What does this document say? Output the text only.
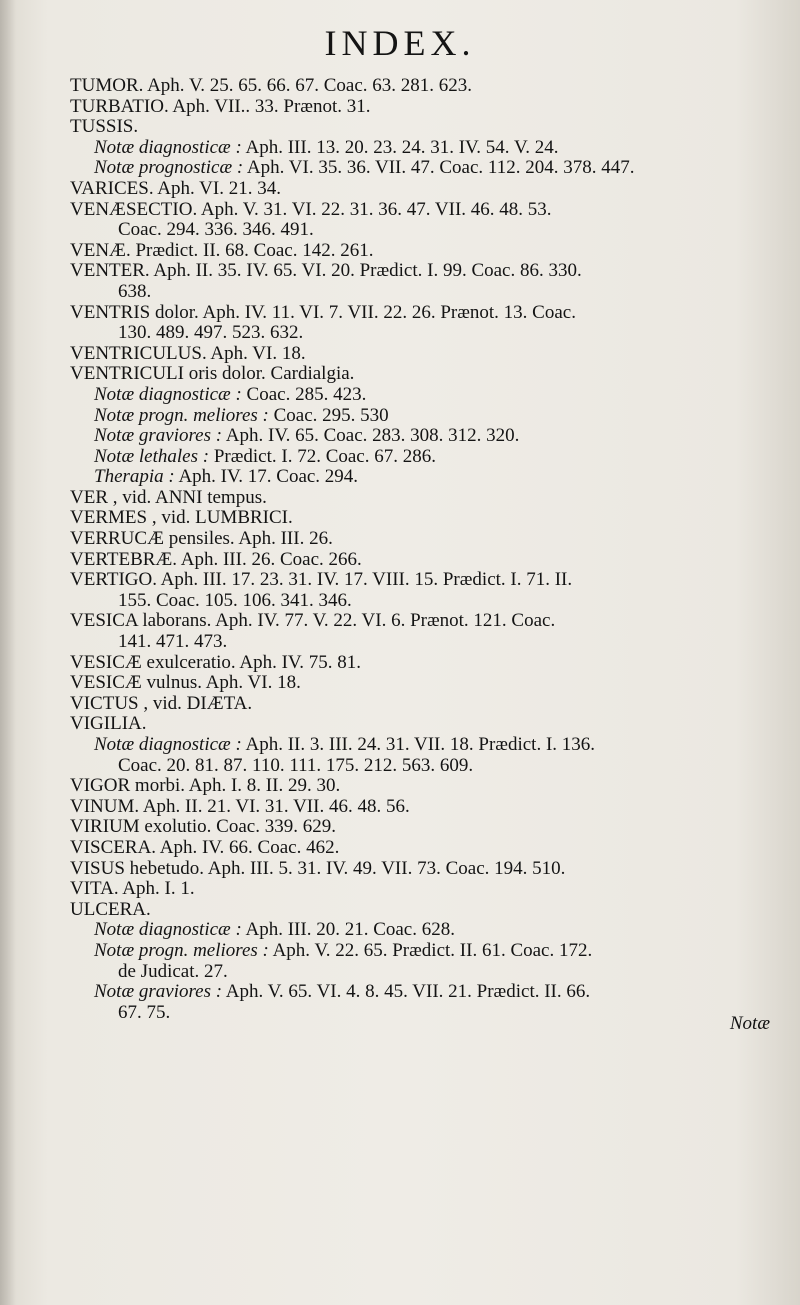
INDEX.
TUMOR. Aph. V. 25. 65. 66. 67. Coac. 63. 281. 623.
TURBATIO. Aph. VII.. 33. Prænot. 31.
TUSSIS.
Notæ diagnosticæ : Aph. III. 13. 20. 23. 24. 31. IV. 54. V. 24.
Notæ prognosticæ : Aph. VI. 35. 36. VII. 47. Coac. 112. 204. 378. 447.
VARICES. Aph. VI. 21. 34.
VENÆSECTIO. Aph. V. 31. VI. 22. 31. 36. 47. VII. 46. 48. 53.
Coac. 294. 336. 346. 491.
VENÆ. Prædict. II. 68. Coac. 142. 261.
VENTER. Aph. II. 35. IV. 65. VI. 20. Prædict. I. 99. Coac. 86. 330.
638.
VENTRIS dolor. Aph. IV. 11. VI. 7. VII. 22. 26. Prænot. 13. Coac.
130. 489. 497. 523. 632.
VENTRICULUS. Aph. VI. 18.
VENTRICULI oris dolor. Cardialgia.
Notæ diagnosticæ : Coac. 285. 423.
Notæ progn. meliores : Coac. 295. 530
Notæ graviores : Aph. IV. 65. Coac. 283. 308. 312. 320.
Notæ lethales : Prædict. I. 72. Coac. 67. 286.
Therapia : Aph. IV. 17. Coac. 294.
VER , vid. ANNI tempus.
VERMES , vid. LUMBRICI.
VERRUCÆ pensiles. Aph. III. 26.
VERTEBRÆ. Aph. III. 26. Coac. 266.
VERTIGO. Aph. III. 17. 23. 31. IV. 17. VIII. 15. Prædict. I. 71. II.
155. Coac. 105. 106. 341. 346.
VESICA laborans. Aph. IV. 77. V. 22. VI. 6. Prænot. 121. Coac.
141. 471. 473.
VESICÆ exulceratio. Aph. IV. 75. 81.
VESICÆ vulnus. Aph. VI. 18.
VICTUS , vid. DIÆTA.
VIGILIA.
Notæ diagnosticæ : Aph. II. 3. III. 24. 31. VII. 18. Prædict. I. 136.
Coac. 20. 81. 87. 110. 111. 175. 212. 563. 609.
VIGOR morbi. Aph. I. 8. II. 29. 30.
VINUM. Aph. II. 21. VI. 31. VII. 46. 48. 56.
VIRIUM exolutio. Coac. 339. 629.
VISCERA. Aph. IV. 66. Coac. 462.
VISUS hebetudo. Aph. III. 5. 31. IV. 49. VII. 73. Coac. 194. 510.
VITA. Aph. I. 1.
ULCERA.
Notæ diagnosticæ : Aph. III. 20. 21. Coac. 628.
Notæ progn. meliores : Aph. V. 22. 65. Prædict. II. 61. Coac. 172.
de Judicat. 27.
Notæ graviores : Aph. V. 65. VI. 4. 8. 45. VII. 21. Prædict. II. 66.
67. 75.
Notæ
